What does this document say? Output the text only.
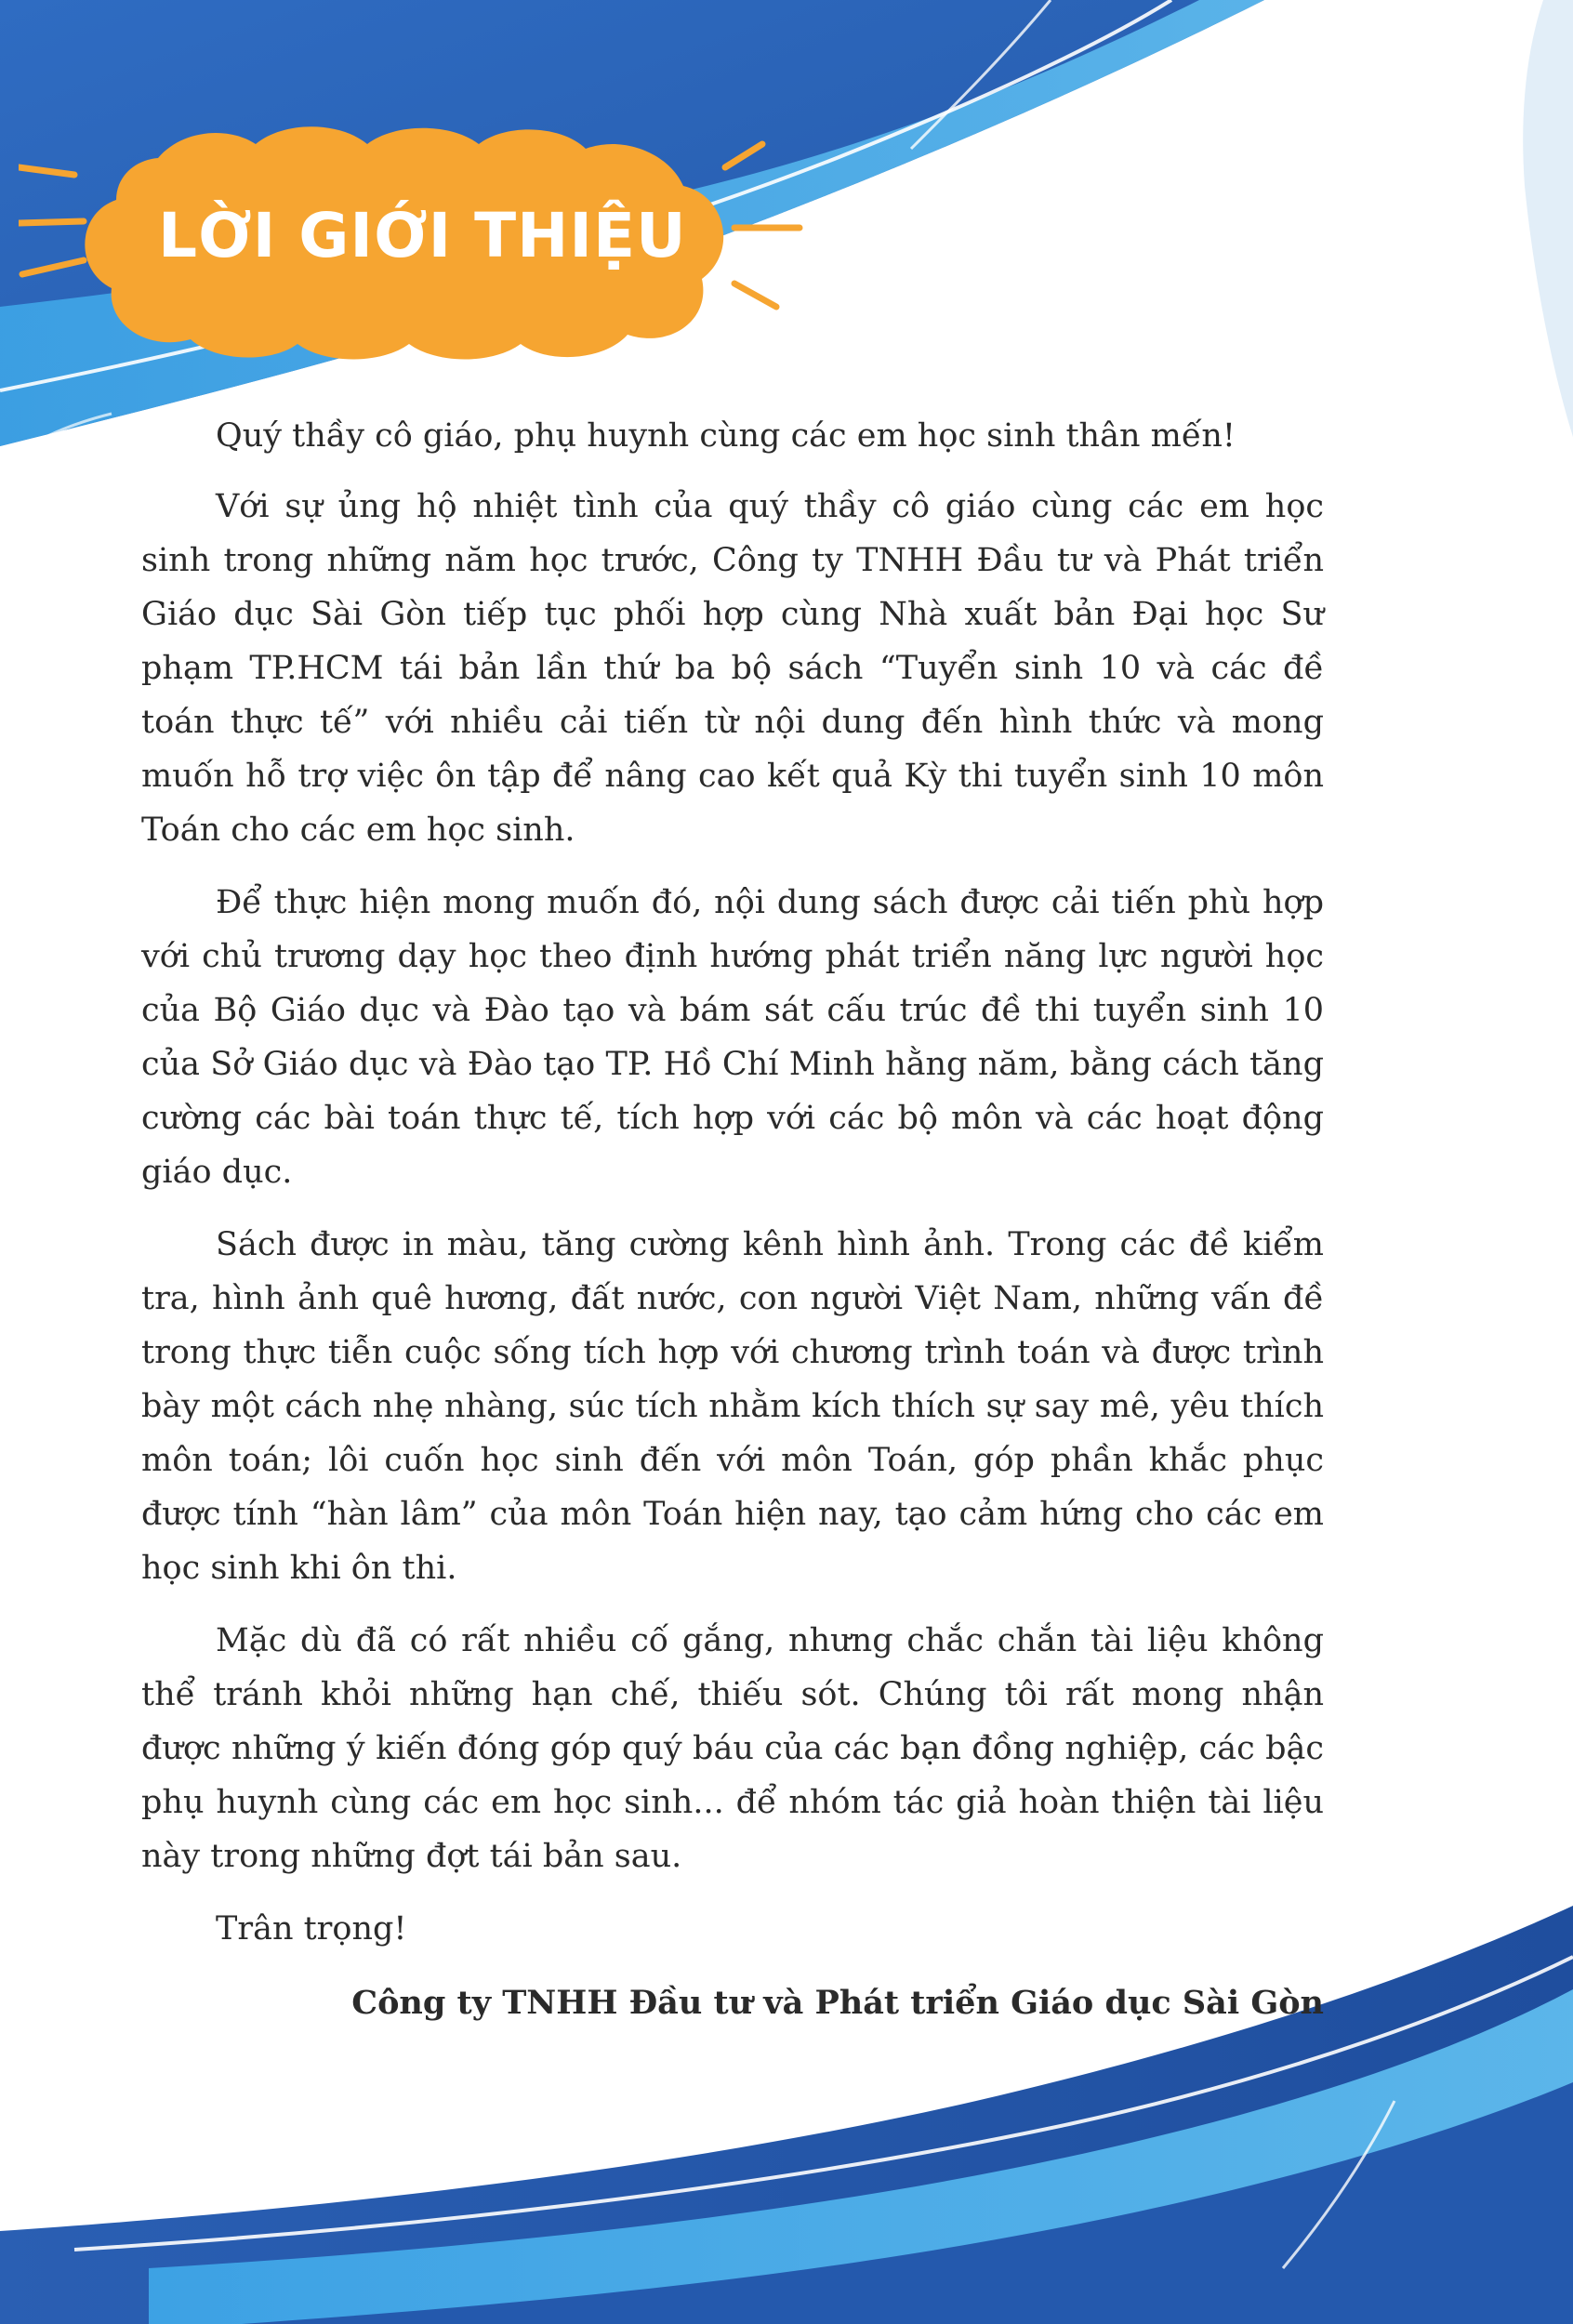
LỜI GIỚI THIỆU

Quý thầy cô giáo, phụ huynh cùng các em học sinh thân mến!

Với sự ủng hộ nhiệt tình của quý thầy cô giáo cùng các em học sinh trong những năm học trước, Công ty TNHH Đầu tư và Phát triển Giáo dục Sài Gòn tiếp tục phối hợp cùng Nhà xuất bản Đại học Sư phạm TP.HCM tái bản lần thứ ba bộ sách “Tuyển sinh 10 và các đề toán thực tế” với nhiều cải tiến từ nội dung đến hình thức và mong muốn hỗ trợ việc ôn tập để nâng cao kết quả Kỳ thi tuyển sinh 10 môn Toán cho các em học sinh.

Để thực hiện mong muốn đó, nội dung sách được cải tiến phù hợp với chủ trương dạy học theo định hướng phát triển năng lực người học của Bộ Giáo dục và Đào tạo và bám sát cấu trúc đề thi tuyển sinh 10 của Sở Giáo dục và Đào tạo TP. Hồ Chí Minh hằng năm, bằng cách tăng cường các bài toán thực tế, tích hợp với các bộ môn và các hoạt động giáo dục.

Sách được in màu, tăng cường kênh hình ảnh. Trong các đề kiểm tra, hình ảnh quê hương, đất nước, con người Việt Nam, những vấn đề trong thực tiễn cuộc sống tích hợp với chương trình toán và được trình bày một cách nhẹ nhàng, súc tích nhằm kích thích sự say mê, yêu thích môn toán; lôi cuốn học sinh đến với môn Toán, góp phần khắc phục được tính “hàn lâm” của môn Toán hiện nay, tạo cảm hứng cho các em học sinh khi ôn thi.

Mặc dù đã có rất nhiều cố gắng, nhưng chắc chắn tài liệu không thể tránh khỏi những hạn chế, thiếu sót. Chúng tôi rất mong nhận được những ý kiến đóng góp quý báu của các bạn đồng nghiệp, các bậc phụ huynh cùng các em học sinh... để nhóm tác giả hoàn thiện tài liệu này trong những đợt tái bản sau.

Trân trọng!

Công ty TNHH Đầu tư và Phát triển Giáo dục Sài Gòn
